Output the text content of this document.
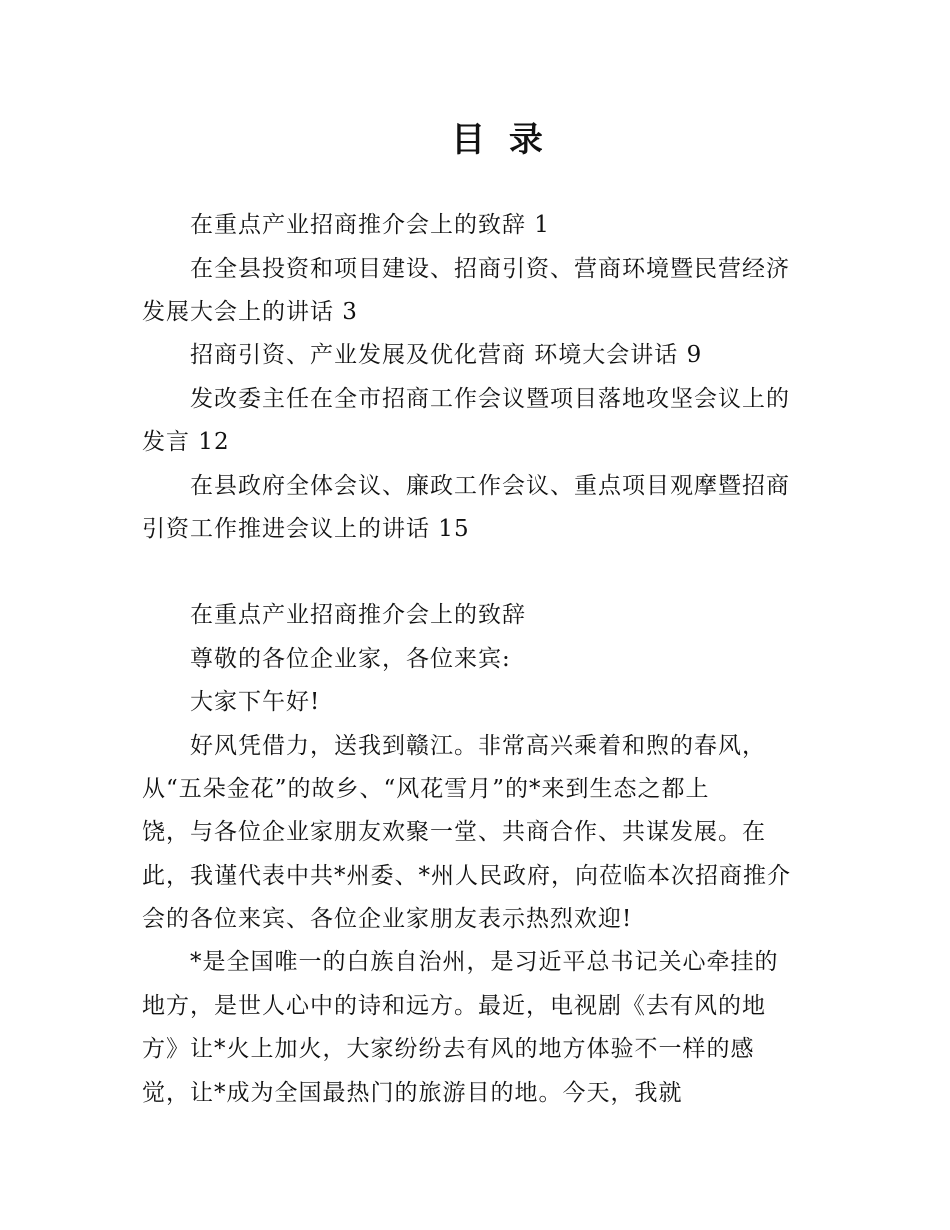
目 录

在重点产业招商推介会上的致辞 1

在全县投资和项目建设、招商引资、营商环境暨民营经济

发展大会上的讲话 3

招商引资、产业发展及优化营商 环境大会讲话 9

发改委主任在全市招商工作会议暨项目落地攻坚会议上的

发言 12

在县政府全体会议、廉政工作会议、重点项目观摩暨招商

引资工作推进会议上的讲话 15

在重点产业招商推介会上的致辞

尊敬的各位企业家，各位来宾:

大家下午好!

好风凭借力，送我到赣江。非常高兴乘着和煦的春风，

从“五朵金花”的故乡、“风花雪月”的*来到生态之都上

饶，与各位企业家朋友欢聚一堂、共商合作、共谋发展。在

此，我谨代表中共*州委、*州人民政府，向莅临本次招商推介

会的各位来宾、各位企业家朋友表示热烈欢迎!

*是全国唯一的白族自治州，是习近平总书记关心牵挂的

地方，是世人心中的诗和远方。最近，电视剧《去有风的地

方》让*火上加火，大家纷纷去有风的地方体验不一样的感

觉，让*成为全国最热门的旅游目的地。今天，我就
